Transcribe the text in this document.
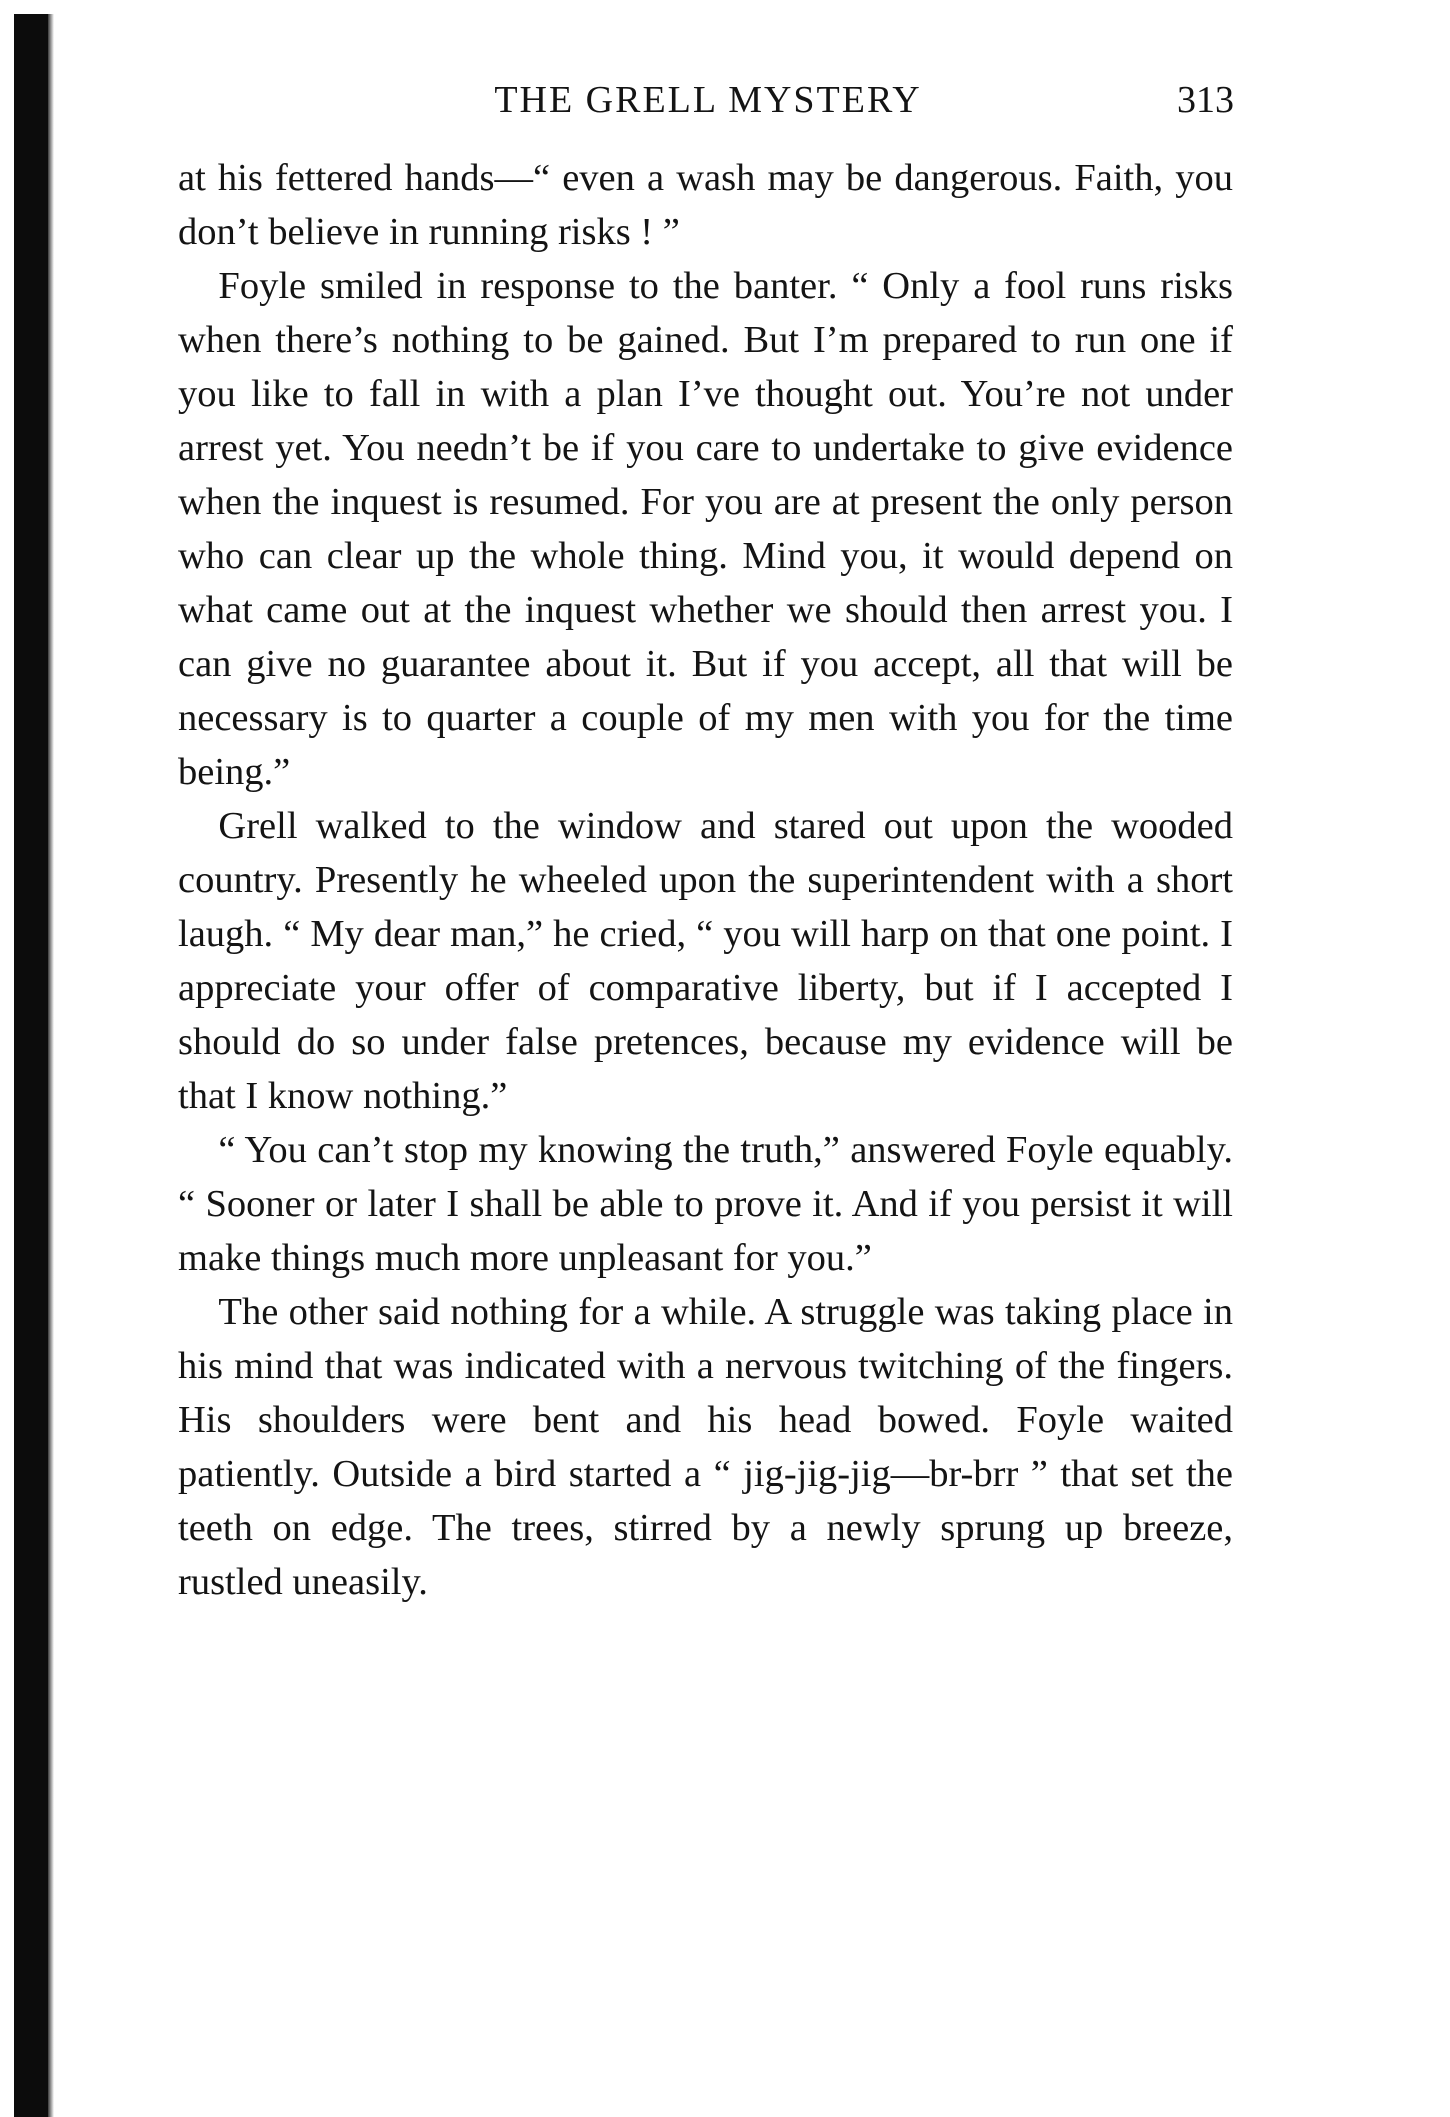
THE GRELL MYSTERY	313

at his fettered hands—“ even a wash may be dangerous. Faith, you don’t believe in running risks ! ”

Foyle smiled in response to the banter. “ Only a fool runs risks when there’s nothing to be gained. But I’m prepared to run one if you like to fall in with a plan I’ve thought out. You’re not under arrest yet. You needn’t be if you care to undertake to give evidence when the inquest is resumed. For you are at present the only person who can clear up the whole thing. Mind you, it would depend on what came out at the inquest whether we should then arrest you. I can give no guarantee about it. But if you accept, all that will be necessary is to quarter a couple of my men with you for the time being.”

Grell walked to the window and stared out upon the wooded country. Presently he wheeled upon the superintendent with a short laugh. “ My dear man,” he cried, “ you will harp on that one point. I appreciate your offer of comparative liberty, but if I accepted I should do so under false pretences, because my evidence will be that I know nothing.”

“ You can’t stop my knowing the truth,” answered Foyle equably. “ Sooner or later I shall be able to prove it. And if you persist it will make things much more unpleasant for you.”

The other said nothing for a while. A struggle was taking place in his mind that was indicated with a nervous twitching of the fingers. His shoulders were bent and his head bowed. Foyle waited patiently. Outside a bird started a “ jig-jig-jig—br-brr ” that set the teeth on edge. The trees, stirred by a newly sprung up breeze, rustled uneasily.
